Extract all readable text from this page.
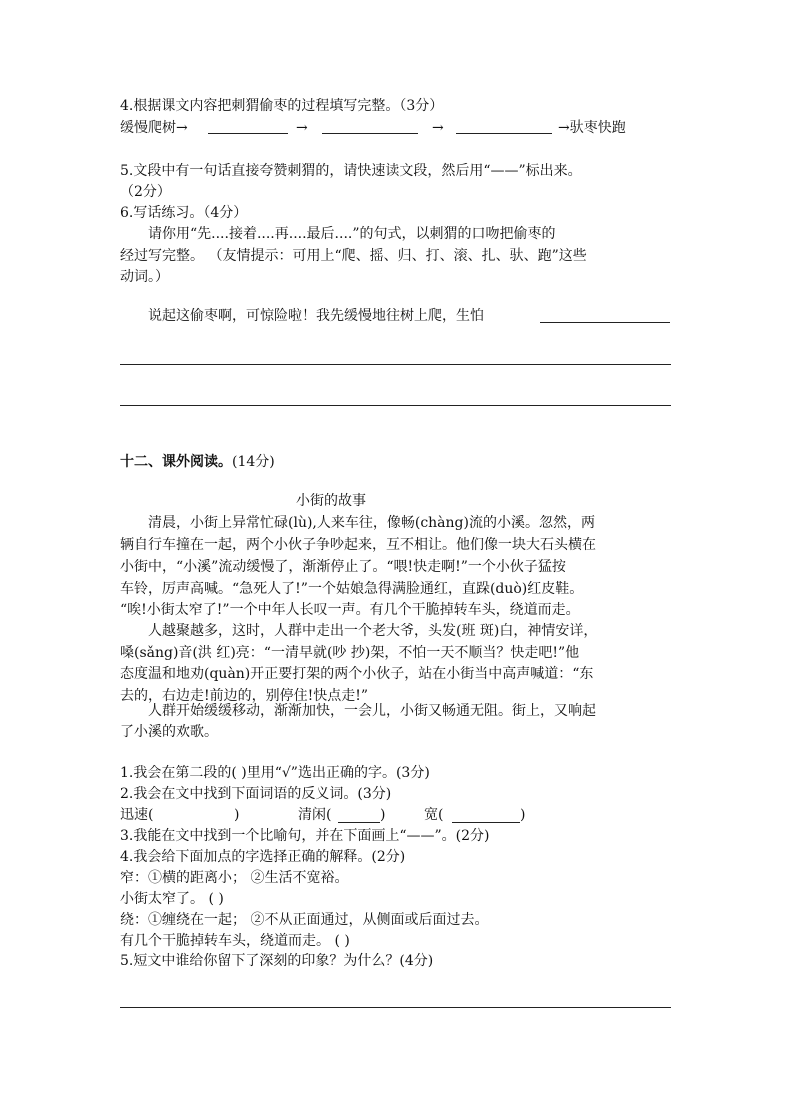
4.根据课文内容把刺猬偷枣的过程填写完整。（3分）
缓慢爬树→	→	→	→驮枣快跑
5.文段中有一句话直接夸赞刺猬的，请快速读文段，然后用“——”标出来。
（2分）
6.写话练习。（4分）
请你用“先....接着....再....最后....”的句式，以刺猬的口吻把偷枣的
经过写完整。 （友情提示：可用上“爬、摇、归、打、滚、扎、驮、跑”这些
动词。）
说起这偷枣啊，可惊险啦！我先缓慢地往树上爬，生怕
十二、课外阅读。(14分)
小街的故事
清晨，小街上异常忙碌(lù),人来车往，像畅(chàng)流的小溪。忽然，两
辆自行车撞在一起，两个小伙子争吵起来，互不相让。他们像一块大石头横在
小街中，“小溪”流动缓慢了，渐渐停止了。“喂!快走啊!”一个小伙子猛按
车铃，厉声高喊。“急死人了!”一个姑娘急得满脸通红，直跺(duò)红皮鞋。
“唉!小街太窄了!”一个中年人长叹一声。有几个干脆掉转车头，绕道而走。
人越聚越多，这时，人群中走出一个老大爷，头发(班 斑)白，神情安详，
嗓(sǎng)音(洪 红)亮：“一清早就(吵 抄)架，不怕一天不顺当？快走吧!”他
态度温和地劝(quàn)开正要打架的两个小伙子，站在小街当中高声喊道：“东
去的，右边走!前边的，别停住!快点走!”
人群开始缓缓移动，渐渐加快，一会儿，小街又畅通无阻。街上，又响起
了小溪的欢歌。
1.我会在第二段的( )里用“√”选出正确的字。(3分)
2.我会在文中找到下面词语的反义词。(3分)
迅速(	)	清闲(	)	宽(	)
3.我能在文中找到一个比喻句，并在下面画上“——”。(2分)
4.我会给下面加点的字选择正确的解释。(2分)
窄：①横的距离小； ②生活不宽裕。
小街太窄了。 ( )
绕：①缠绕在一起； ②不从正面通过，从侧面或后面过去。
有几个干脆掉转车头，绕道而走。 ( )
5.短文中谁给你留下了深刻的印象？为什么？(4分)
